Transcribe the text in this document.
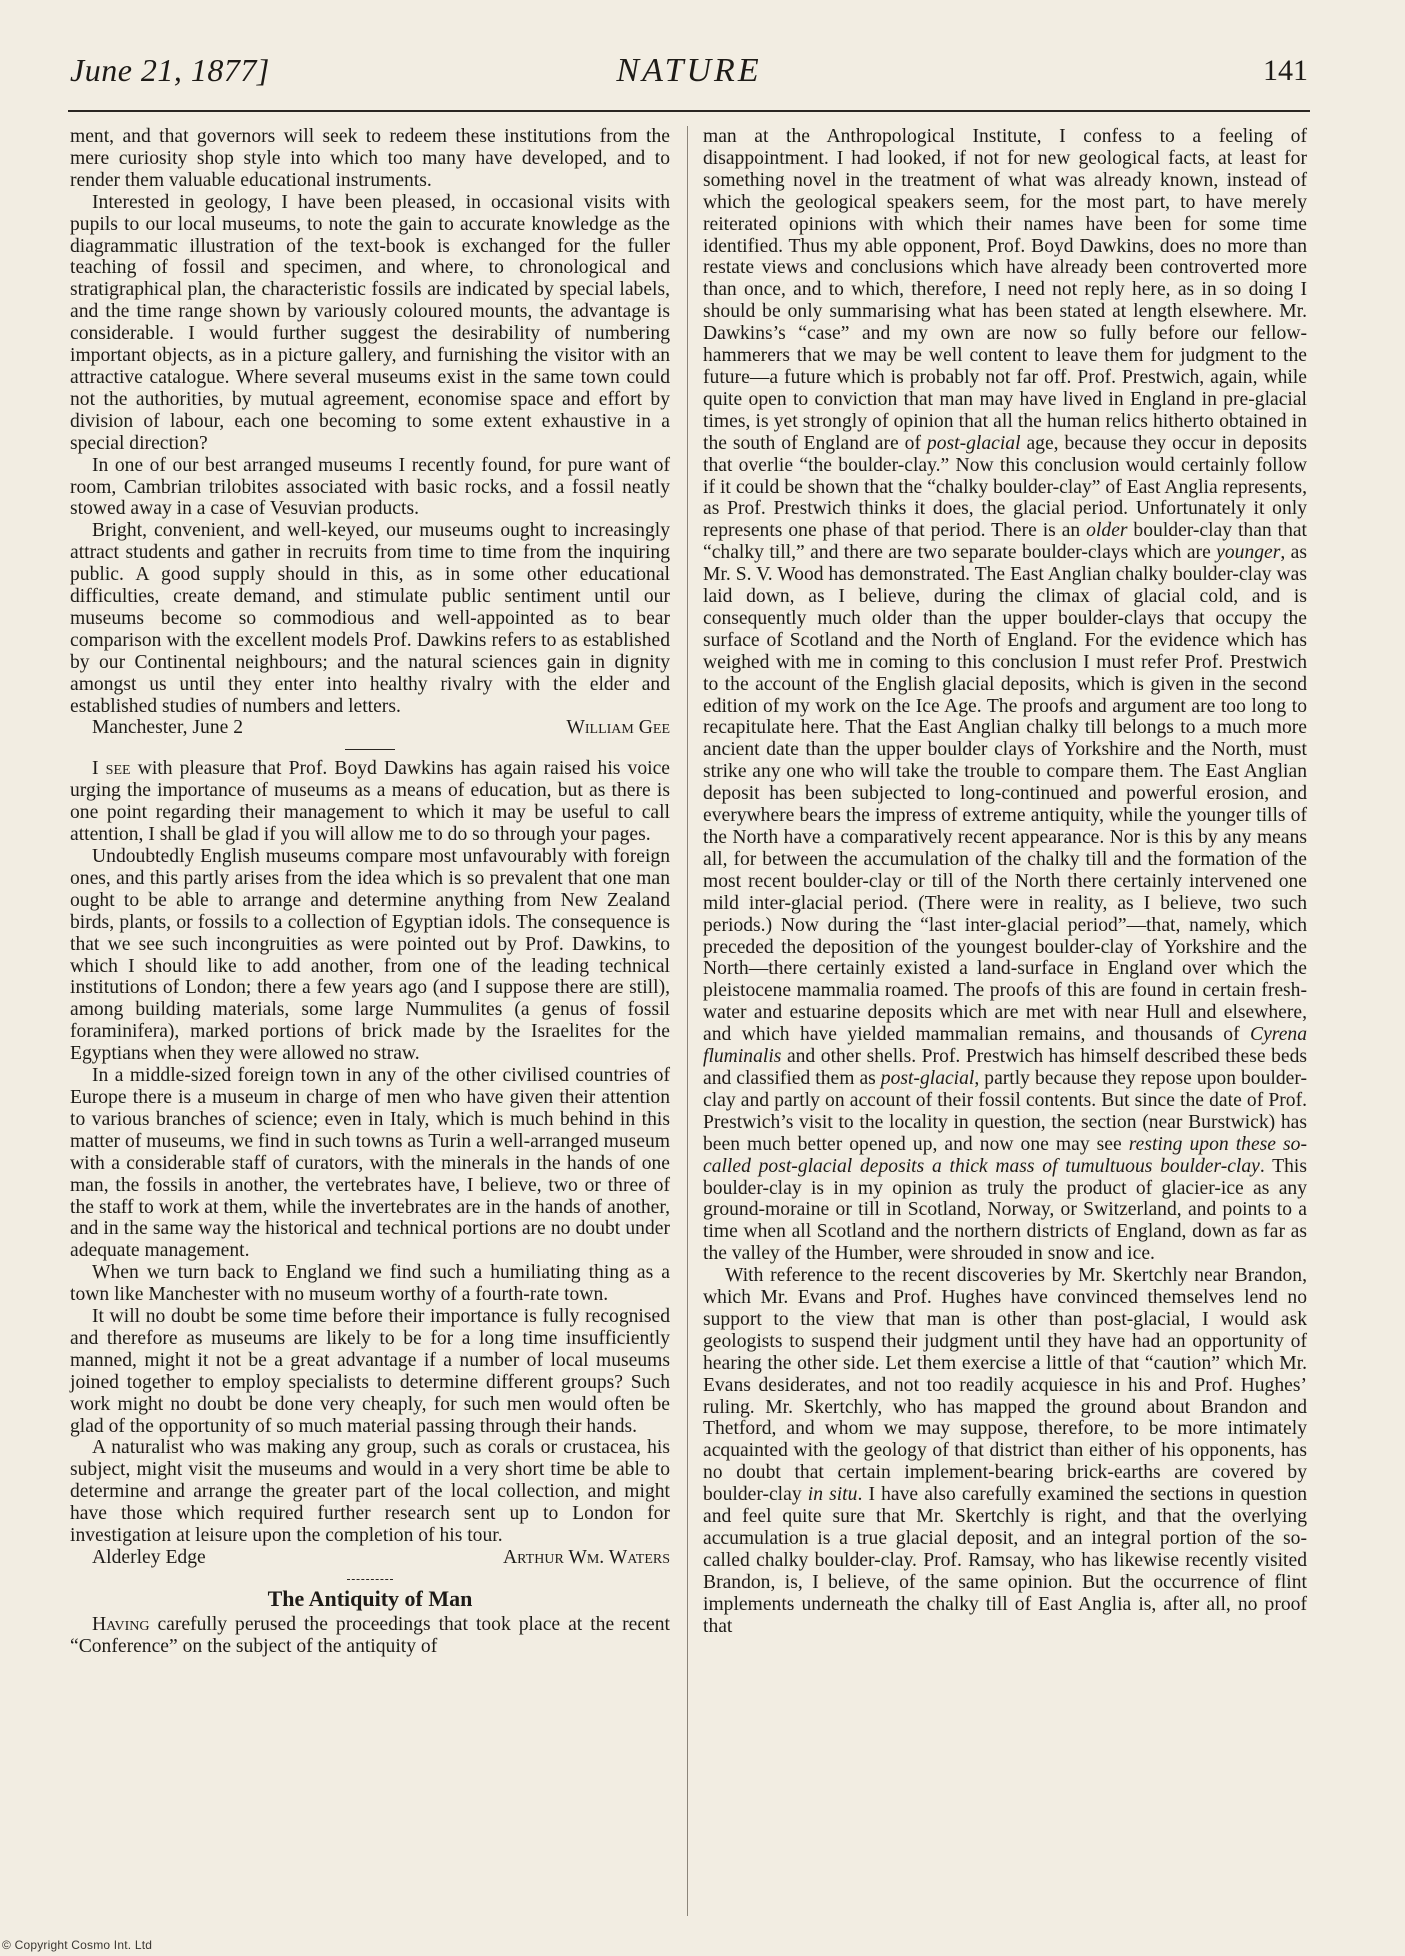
June 21, 1877]	NATURE	141

ment, and that governors will seek to redeem these institutions from the mere curiosity shop style into which too many have developed, and to render them valuable educational instruments.

Interested in geology, I have been pleased, in occasional visits with pupils to our local museums, to note the gain to accurate knowledge as the diagrammatic illustration of the text-book is exchanged for the fuller teaching of fossil and specimen, and where, to chronological and stratigraphical plan, the characteristic fossils are indicated by special labels, and the time range shown by variously coloured mounts, the advantage is considerable. I would further suggest the desirability of numbering important objects, as in a picture gallery, and furnishing the visitor with an attractive catalogue. Where several museums exist in the same town could not the authorities, by mutual agreement, economise space and effort by division of labour, each one becoming to some extent exhaustive in a special direction?

In one of our best arranged museums I recently found, for pure want of room, Cambrian trilobites associated with basic rocks, and a fossil neatly stowed away in a case of Vesuvian products.

Bright, convenient, and well-keyed, our museums ought to increasingly attract students and gather in recruits from time to time from the inquiring public. A good supply should in this, as in some other educational difficulties, create demand, and stimulate public sentiment until our museums become so commodious and well-appointed as to bear comparison with the excellent models Prof. Dawkins refers to as established by our Continental neighbours; and the natural sciences gain in dignity amongst us until they enter into healthy rivalry with the elder and established studies of numbers and letters.

Manchester, June 2	William Gee

I see with pleasure that Prof. Boyd Dawkins has again raised his voice urging the importance of museums as a means of education, but as there is one point regarding their management to which it may be useful to call attention, I shall be glad if you will allow me to do so through your pages.

Undoubtedly English museums compare most unfavourably with foreign ones, and this partly arises from the idea which is so prevalent that one man ought to be able to arrange and determine anything from New Zealand birds, plants, or fossils to a collection of Egyptian idols. The consequence is that we see such incongruities as were pointed out by Prof. Dawkins, to which I should like to add another, from one of the leading technical institutions of London; there a few years ago (and I suppose there are still), among building materials, some large Nummulites (a genus of fossil foraminifera), marked portions of brick made by the Israelites for the Egyptians when they were allowed no straw.

In a middle-sized foreign town in any of the other civilised countries of Europe there is a museum in charge of men who have given their attention to various branches of science; even in Italy, which is much behind in this matter of museums, we find in such towns as Turin a well-arranged museum with a considerable staff of curators, with the minerals in the hands of one man, the fossils in another, the vertebrates have, I believe, two or three of the staff to work at them, while the invertebrates are in the hands of another, and in the same way the historical and technical portions are no doubt under adequate management.

When we turn back to England we find such a humiliating thing as a town like Manchester with no museum worthy of a fourth-rate town.

It will no doubt be some time before their importance is fully recognised and therefore as museums are likely to be for a long time insufficiently manned, might it not be a great advantage if a number of local museums joined together to employ specialists to determine different groups? Such work might no doubt be done very cheaply, for such men would often be glad of the opportunity of so much material passing through their hands.

A naturalist who was making any group, such as corals or crustacea, his subject, might visit the museums and would in a very short time be able to determine and arrange the greater part of the local collection, and might have those which required further research sent up to London for investigation at leisure upon the completion of his tour.
Arthur Wm. Waters

Alderley Edge

The Antiquity of Man

Having carefully perused the proceedings that took place at the recent “Conference” on the subject of the antiquity of

man at the Anthropological Institute, I confess to a feeling of disappointment. I had looked, if not for new geological facts, at least for something novel in the treatment of what was already known, instead of which the geological speakers seem, for the most part, to have merely reiterated opinions with which their names have been for some time identified. Thus my able opponent, Prof. Boyd Dawkins, does no more than restate views and conclusions which have already been controverted more than once, and to which, therefore, I need not reply here, as in so doing I should be only summarising what has been stated at length elsewhere. Mr. Dawkins’s “case” and my own are now so fully before our fellow-hammerers that we may be well content to leave them for judgment to the future—a future which is probably not far off. Prof. Prestwich, again, while quite open to conviction that man may have lived in England in pre-glacial times, is yet strongly of opinion that all the human relics hitherto obtained in the south of England are of post-glacial age, because they occur in deposits that overlie “the boulder-clay.” Now this conclusion would certainly follow if it could be shown that the “chalky boulder-clay” of East Anglia represents, as Prof. Prestwich thinks it does, the glacial period. Unfortunately it only represents one phase of that period. There is an older boulder-clay than that “chalky till,” and there are two separate boulder-clays which are younger, as Mr. S. V. Wood has demonstrated. The East Anglian chalky boulder-clay was laid down, as I believe, during the climax of glacial cold, and is consequently much older than the upper boulder-clays that occupy the surface of Scotland and the North of England. For the evidence which has weighed with me in coming to this conclusion I must refer Prof. Prestwich to the account of the English glacial deposits, which is given in the second edition of my work on the Ice Age. The proofs and argument are too long to recapitulate here. That the East Anglian chalky till belongs to a much more ancient date than the upper boulder clays of Yorkshire and the North, must strike any one who will take the trouble to compare them. The East Anglian deposit has been subjected to long-continued and powerful erosion, and everywhere bears the impress of extreme antiquity, while the younger tills of the North have a comparatively recent appearance. Nor is this by any means all, for between the accumulation of the chalky till and the formation of the most recent boulder-clay or till of the North there certainly intervened one mild inter-glacial period. (There were in reality, as I believe, two such periods.) Now during the “last inter-glacial period”—that, namely, which preceded the deposition of the youngest boulder-clay of Yorkshire and the North—there certainly existed a land-surface in England over which the pleistocene mammalia roamed. The proofs of this are found in certain fresh-water and estuarine deposits which are met with near Hull and elsewhere, and which have yielded mammalian remains, and thousands of Cyrena fluminalis and other shells. Prof. Prestwich has himself described these beds and classified them as post-glacial, partly because they repose upon boulder-clay and partly on account of their fossil contents. But since the date of Prof. Prestwich’s visit to the locality in question, the section (near Burstwick) has been much better opened up, and now one may see resting upon these so-called post-glacial deposits a thick mass of tumultuous boulder-clay. This boulder-clay is in my opinion as truly the product of glacier-ice as any ground-moraine or till in Scotland, Norway, or Switzerland, and points to a time when all Scotland and the northern districts of England, down as far as the valley of the Humber, were shrouded in snow and ice.

With reference to the recent discoveries by Mr. Skertchly near Brandon, which Mr. Evans and Prof. Hughes have convinced themselves lend no support to the view that man is other than post-glacial, I would ask geologists to suspend their judgment until they have had an opportunity of hearing the other side. Let them exercise a little of that “caution” which Mr. Evans desiderates, and not too readily acquiesce in his and Prof. Hughes’ ruling. Mr. Skertchly, who has mapped the ground about Brandon and Thetford, and whom we may suppose, therefore, to be more intimately acquainted with the geology of that district than either of his opponents, has no doubt that certain implement-bearing brick-earths are covered by boulder-clay in situ. I have also carefully examined the sections in question and feel quite sure that Mr. Skertchly is right, and that the overlying accumulation is a true glacial deposit, and an integral portion of the so-called chalky boulder-clay. Prof. Ramsay, who has likewise recently visited Brandon, is, I believe, of the same opinion. But the occurrence of flint implements underneath the chalky till of East Anglia is, after all, no proof that

© Copyright Cosmo Int. Ltd
